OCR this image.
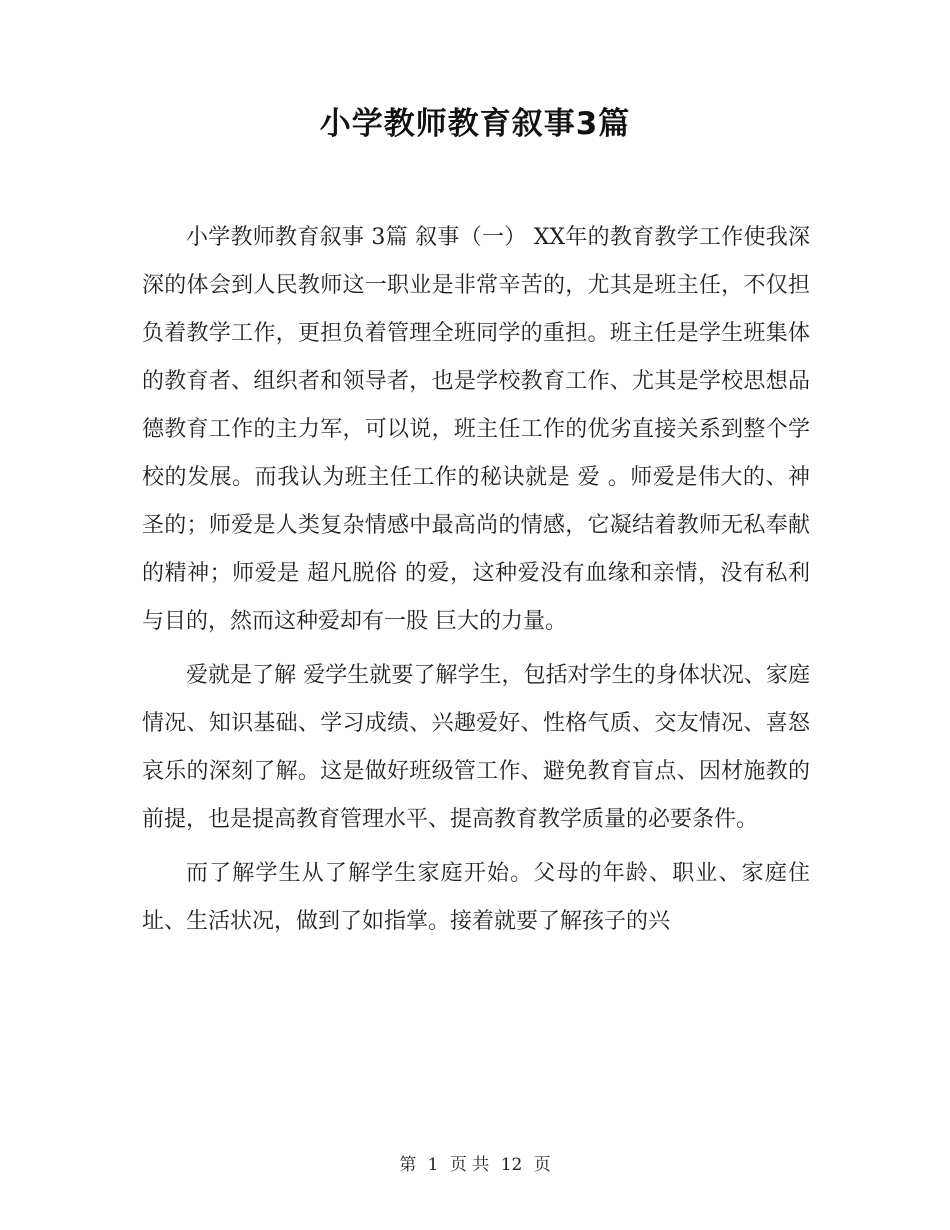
小学教师教育叙事3篇

小学教师教育叙事 3篇 叙事（一） XX年的教育教学工作使我深深的体会到人民教师这一职业是非常辛苦的，尤其是班主任，不仅担负着教学工作，更担负着管理全班同学的重担。班主任是学生班集体的教育者、组织者和领导者，也是学校教育工作、尤其是学校思想品德教育工作的主力军，可以说，班主任工作的优劣直接关系到整个学校的发展。而我认为班主任工作的秘诀就是 爱 。师爱是伟大的、神圣的；师爱是人类复杂情感中最高尚的情感，它凝结着教师无私奉献的精神；师爱是 超凡脱俗 的爱，这种爱没有血缘和亲情，没有私利与目的，然而这种爱却有一股 巨大的力量。

爱就是了解 爱学生就要了解学生，包括对学生的身体状况、家庭情况、知识基础、学习成绩、兴趣爱好、性格气质、交友情况、喜怒哀乐的深刻了解。这是做好班级管工作、避免教育盲点、因材施教的前提，也是提高教育管理水平、提高教育教学质量的必要条件。

而了解学生从了解学生家庭开始。父母的年龄、职业、家庭住址、生活状况，做到了如指掌。接着就要了解孩子的兴

第 1 页 共 12 页
